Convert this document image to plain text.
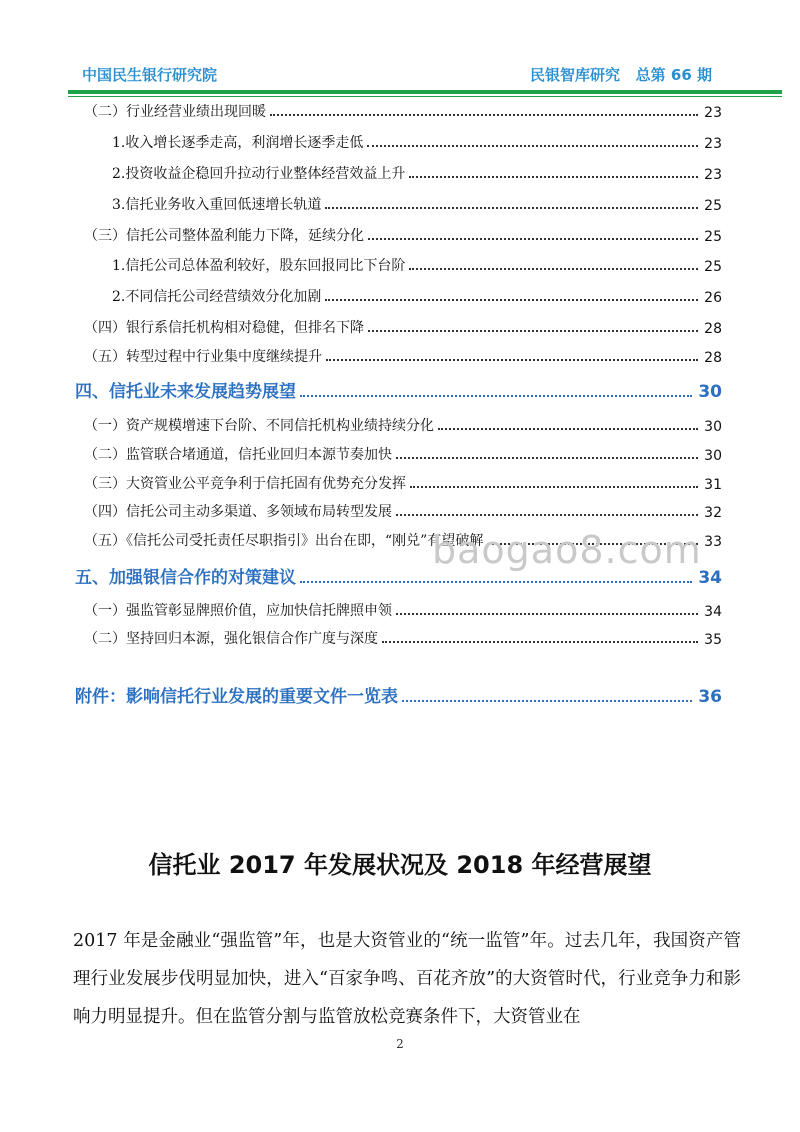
中国民生银行研究院	民银智库研究   总第 66 期
（二）行业经营业绩出现回暖	23
1.收入增长逐季走高，利润增长逐季走低	23
2.投资收益企稳回升拉动行业整体经营效益上升	23
3.信托业务收入重回低速增长轨道	25
（三）信托公司整体盈利能力下降，延续分化	25
1.信托公司总体盈利较好，股东回报同比下台阶	25
2.不同信托公司经营绩效分化加剧	26
（四）银行系信托机构相对稳健，但排名下降	28
（五）转型过程中行业集中度继续提升	28
四、信托业未来发展趋势展望	30
（一）资产规模增速下台阶、不同信托机构业绩持续分化	30
（二）监管联合堵通道，信托业回归本源节奏加快	30
（三）大资管业公平竞争利于信托固有优势充分发挥	31
（四）信托公司主动多渠道、多领域布局转型发展	32
（五）《信托公司受托责任尽职指引》出台在即，“刚兑”有望破解	33
五、加强银信合作的对策建议	34
（一）强监管彰显牌照价值，应加快信托牌照申领	34
（二）坚持回归本源，强化银信合作广度与深度	35
附件：影响信托行业发展的重要文件一览表	36
baogao8.com
信托业 2017 年发展状况及 2018 年经营展望
2017 年是金融业“强监管”年，也是大资管业的“统一监管”年。过去几年，我国资产管理行业发展步伐明显加快，进入“百家争鸣、百花齐放”的大资管时代，行业竞争力和影响力明显提升。但在监管分割与监管放松竞赛条件下，大资管业在
2
